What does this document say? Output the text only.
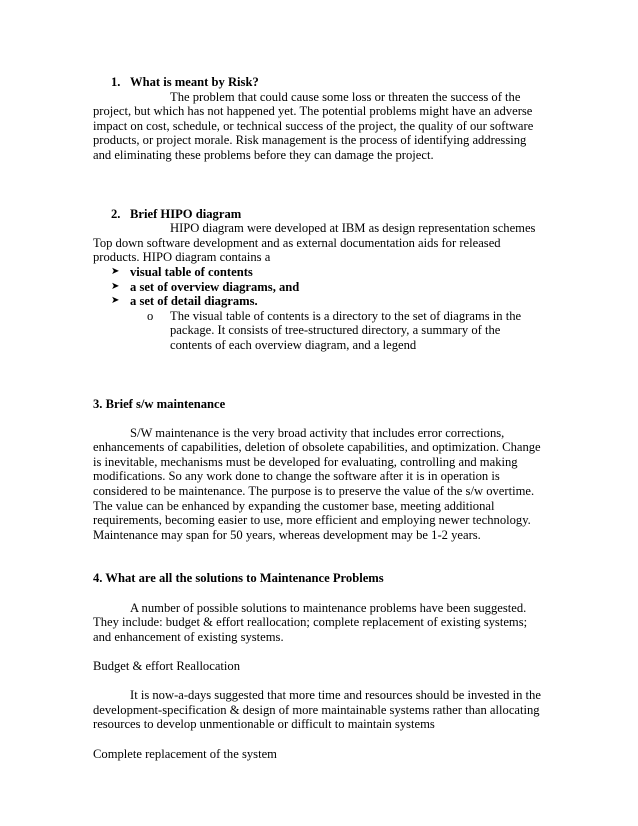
1. What is meant by Risk?

The problem that could cause some loss or threaten the success of the project, but which has not happened yet. The potential problems might have an adverse impact on cost, schedule, or technical success of the project, the quality of our software products, or project morale. Risk management is the process of identifying addressing and eliminating these problems before they can damage the project.

2. Brief HIPO diagram

HIPO diagram were developed at IBM as design representation schemes Top down software development and as external documentation aids for released products. HIPO diagram contains a

➤ visual table of contents
➤ a set of overview diagrams, and
➤ a set of detail diagrams.
o The visual table of contents is a directory to the set of diagrams in the package. It consists of tree-structured directory, a summary of the contents of each overview diagram, and a legend

3. Brief s/w maintenance

S/W maintenance is the very broad activity that includes error corrections, enhancements of capabilities, deletion of obsolete capabilities, and optimization. Change is inevitable, mechanisms must be developed for evaluating, controlling and making modifications. So any work done to change the software after it is in operation is considered to be maintenance. The purpose is to preserve the value of the s/w overtime. The value can be enhanced by expanding the customer base, meeting additional requirements, becoming easier to use, more efficient and employing newer technology. Maintenance may span for 50 years, whereas development may be 1-2 years.

4. What are all the solutions to Maintenance Problems

A number of possible solutions to maintenance problems have been suggested. They include: budget & effort reallocation; complete replacement of existing systems; and enhancement of existing systems.

Budget & effort Reallocation

It is now-a-days suggested that more time and resources should be invested in the development-specification & design of more maintainable systems rather than allocating resources to develop unmentionable or difficult to maintain systems

Complete replacement of the system
